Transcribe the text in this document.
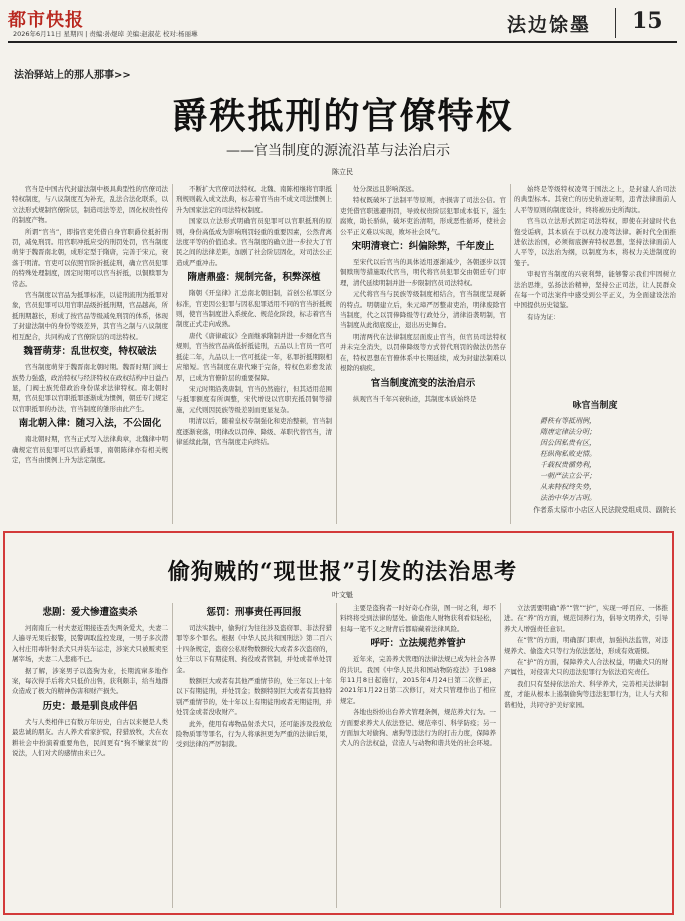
都市快报
2026年6月11日 星期四 | 责编:孙煜琸 美编:赵淑花 校对:杨丽琳	法边馀墨 15
法治驿站上的那人那事>>
爵秩抵刑的官僚特权
——官当制度的源流沿革与法治启示
陈立民

官当是中国古代封建法制中极具典型性的官僚司法特权制度，与八议制度互为补充，乱法合法化联系，以立法形式规制官僚阶层，制造司法等差，固化权贵性传的制度产物。

所谓“官当”，即指官吏凭借自身官职爵位抵折刑罚，减免刑罚。用官职冲抵应受的刑罚处罚，官当制度萌芽于魏晋南北朝，成形定型于隋唐，完善于宋元，衰落于明清。官吏可以依照官阶折抵徒刑，确立官员犯罪的特殊处理制度，固定时期可以官当折抵，以铜赎罪为常态。

官当制度以官品为抵罪标准，以徒刑流刑为抵罪对象，官员犯罪可以用官职品级折抵刑期，官品越高，所抵刑期越长，形成了按官品等级减免刑罚的体系，体现了封建法制中的身份等级差异，其官当之制与八议制度相互配合，共同构成了官僚阶层的司法特权。

魏晋萌芽：乱世权变，特权破法

官当制度萌芽于魏晋南北朝时期。魏晋时期门阀士族势力强盛，政治特权与经济特权在政权结构中日益凸显，门阀士族凭借政治身份谋求法律特权。南北朝时期，官员犯罪以官职抵罪逐渐成为惯例，朝廷专门规定以官职抵罪的办法，官当制度的雏形由此产生。

南北朝入律：随习入法，不公固化

南北朝时期，官当正式写入法律典章，北魏律中明确规定官员犯罪可以官爵抵罪，南朝陈律亦有相关规定，官当由惯例上升为法定制度。

不断扩大官僚司法特权。北魏、南陈相继将官职抵刑规则载入成文法典，标志着官当由不成文司法惯例上升为国家法定的司法特权制度。

国家以立法形式明确官员犯罪可以官职抵刑的原则，身份高低成为影响刑罚轻重的重要因素，公然背离法度平等的价值追求。官当制度的确立进一步拉大了官民之间的法律差距，加剧了社会阶层固化，对司法公正造成严重冲击。

隋唐鼎盛：规制完备，积弊深植

隋朝《开皇律》汇总南北朝旧制，首创公私罪区分标准，官吏因公犯罪与因私犯罪适用不同的官当折抵规则，使官当制度进入系统化、规范化阶段，标志着官当制度正式走向成熟。

唐代《唐律疏议》全面继承隋制并进一步细化官当规则，官当按官品高低折抵徒刑，五品以上官员一官可抵徒二年，九品以上一官可抵徒一年，私罪折抵期限相应缩短。官当制度在唐代臻于完备，特权色彩愈发浓厚，已成为官僚阶层的重要保障。

宋元时期沿袭唐制，官当仍然施行，但其适用范围与抵罪额度有所调整，宋代增设以官职充抵罚铜等措施，元代则因民族等级差别而更显复杂。

明清以后，随着皇权专制强化和吏治整顿，官当制度逐渐衰落，明律改以罚俸、降级、革职代替官当，清律延续此制，官当制度走向终结。

处分深远且影响深远。

特权既破坏了法制平等原则，亦损害了司法公信。官吏凭借官职逃避刑罚，导致权贵阶层犯罪成本低下，滋生腐败，助长骄纵，破坏吏治清明，形成恶性循环，使社会公平正义难以实现，败坏社会风气。

宋明清衰亡：纠偏除弊，千年废止

至宋代以后官当的具体适用逐渐减少，各朝逐步以罚铜赎刑等措施取代官当，明代将官员犯罪交由朝廷专门审理，清代延续明制并进一步限制官员司法特权。

元代将官当与民族等级制度相结合，官当制度呈现新的特点。明朝建立后，朱元璋严厉整肃吏治，明律废除官当制度，代之以罚俸降级等行政处分，清律沿袭明制，官当制度从此彻底废止，退出历史舞台。

明清两代在法律制度层面废止官当，但官员司法特权并未完全消失，以罚俸降级等方式替代刑罚的做法仍然存在，特权思想在官僚体系中长期延续，成为封建法制难以根除的痼疾。

官当制度流变的法治启示

纵观官当千年兴衰轨迹，其制度本质始终是

始终是等级特权凌驾于国法之上，是封建人治司法的典型标本。其衰亡的历史轨迹证明，违背法律面前人人平等原则的制度设计，终将被历史所淘汰。

官当以立法形式固定司法特权，即使在封建时代也饱受诟病，其本质在于以权力凌驾法律。新时代全面推进依法治国，必须彻底摒弃特权思想，坚持法律面前人人平等，以法治为纲，以制度为本，将权力关进制度的笼子。

审视官当制度的兴衰利弊，能够警示我们牢固树立法治思维，弘扬法治精神，坚持公正司法，让人民群众在每一个司法案件中感受到公平正义，为全面建设法治中国提供历史镜鉴。

有诗为证：

咏官当制度
爵秩有等抵刑例，
隋唐定律法分明；
因公因私贵有区，
枉纵徇私败吏情。
千载权贵循势利，
一朝严法立公平；
从来特权终失势，
法治中华万古明。
作者系太原市小店区人民法院党组成员、副院长
偷狗贼的“现世报”引发的法治思考
叶文魁
悲剧：爱犬惨遭盗卖杀

河南南丘一村夫妻近期接连丢失两条爱犬，夫妻二人遍寻无果后报警，民警调取监控发现，一男子多次潜入村庄用毒针射杀犬只并装车运走，涉案犬只被贩卖至屠宰场，夫妻二人悲痛不已。

据了解，涉案男子以盗狗为业，长期流窜多地作案，每次得手后将犬只低价出售，获利颇丰，给当地群众造成了极大的精神伤害和财产损失。

历史：最是驯良成伴侣

犬与人类相伴已有数万年历史，自古以来便是人类最忠诚的朋友。古人养犬看家护院，狩猎放牧，犬在农耕社会中扮演着重要角色，民间更有“狗不嫌家贫”的说法，人们对犬的感情由来已久。

惩罚：刑事责任再回报

司法实践中，偷狗行为往往涉及盗窃罪、非法狩猎罪等多个罪名。根据《中华人民共和国刑法》第二百六十四条规定，盗窃公私财物数额较大或者多次盗窃的，处三年以下有期徒刑、拘役或者管制，并处或者单处罚金。

数额巨大或者有其他严重情节的，处三年以上十年以下有期徒刑，并处罚金；数额特别巨大或者有其他特别严重情节的，处十年以上有期徒刑或者无期徒刑，并处罚金或者没收财产。

此外，使用有毒物品射杀犬只，还可能涉及投放危险物质罪等罪名，行为人将承担更为严重的法律后果，受到法律的严厉制裁。

主要是盗狗者一时好奇心作祟，图一时之利，却不料终将受到法律的惩处。偷盗他人财物获利看似轻松，但每一笔不义之财背后都暗藏着法律风险。

呼吁：立法规范养管护

近年来，完善养犬管理的法律法规已成为社会各界的共识。我国《中华人民共和国动物防疫法》于1988年11月8日起施行，2015年4月24日第二次修正，2021年1月22日第二次修订，对犬只管理作出了相应规定。

各地也纷纷出台养犬管理条例，规范养犬行为。一方面要求养犬人依法登记、规范牵引、科学防疫；另一方面加大对偷狗、虐狗等违法行为的打击力度，保障养犬人的合法权益，营造人与动物和谐共处的社会环境。

立法需要明确“养”“管”“护”，实现一呼百应、一体推进。在“养”的方面，规范饲养行为，倡导文明养犬，引导养犬人增强责任意识。

在“管”的方面，明确部门职责，加强执法监管，对违规养犬、偷盗犬只等行为依法惩处，形成有效震慑。

在“护”的方面，保障养犬人合法权益，明确犬只的财产属性，对侵害犬只的违法犯罪行为依法追究责任。

我们只有坚持依法治犬、科学养犬，完善相关法律制度，才能从根本上遏制偷狗等违法犯罪行为，让人与犬和谐相处，共同守护美好家园。
